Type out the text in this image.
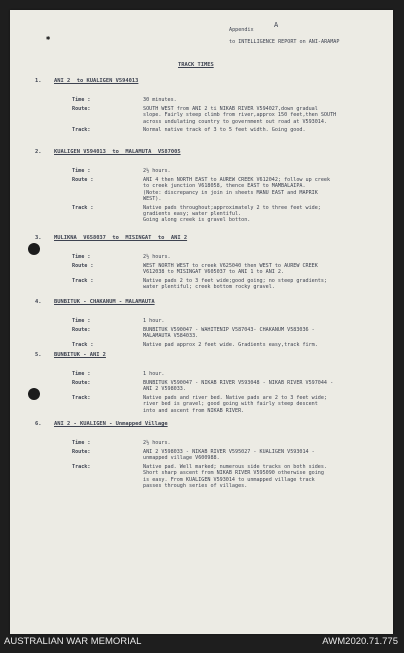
✱
Appendix
A
to INTELLIGENCE REPORT on ANI-ARAMAP
TRACK TIMES
1. ANI 2  to KUALIGEN V594013
Time :	30 minutes.
Route:	SOUTH WEST from ANI 2 ti NIKAB RIVER V594027,down gradual
slope. Fairly steep climb from river,approx 150 feet,then SOUTH
across undulating country to government out road at V593014.
Track:	Normal native track of 3 to 5 feet width. Going good.
2. KUALIGEN V594013  to  MALAMUTA  V587005
Time :	2½ hours.
Route :	ANI 4 then NORTH EAST to AUREW CREEK V612042; follow up creek
to creek junction V618058, thence EAST to MAMBALAIPA.
(Note: discrepancy in join in sheets MANU EAST and MAPRIK
WEST).
Track :	Native pads throughout;approximately 2 to three feet wide;
gradients easy; water plentiful.
Going along creek is gravel botton.
3. MULIKNA  V658037  to  MISINGAT  to  ANI 2
Time :	2½ hours.
Route :	WEST NORTH WEST to creek V625040 then WEST to AUREW CREEK
V612038 to MISINGAT V605037 to ANI 1 to ANI 2.
Track :	Native pads 2 to 3 feet wide;good going; no steep gradients;
water plentiful; creek bottom rocky gravel.
4. BUNBITUK - CHAKANUM - MALAMAUTA
Time :	1 hour.
Route:	BUNBITUK V590047 - WAHITENIP V587043- CHAKANUM V583036 -
MALAMAUTA V584033.
Track :	Native pad approx 2 feet wide. Gradients easy,track firm.
5. BUNBITUK - ANI 2
Time :	1 hour.
Route:	BUNBITUK V590047 - NIKAB RIVER V593048 - NIKAB RIVER V597044 -
ANI 2 V598033.
Track:	Native pads and river bed. Native pads are 2 to 3 feet wide;
river bed is gravel; good going with fairly steep descent
into and ascent from NIKAB RIVER.
6. ANI 2 - KUALIGEN - Unmapped Village
Time :	2½ hours.
Route:	ANI 2 V598033 - NIKAB RIVER V595027 - KUALIGEN V593014 -
unmapped village V600988.
Track:	Native pad. Well marked; numerous side tracks on both sides.
Short sharp ascent from NIKAB RIVER V595090 otherwise going
is easy. From KUALIGEN V593014 to unmapped village track
passes through series of villages.
AUSTRALIAN WAR MEMORIAL	AWM2020.71.775
